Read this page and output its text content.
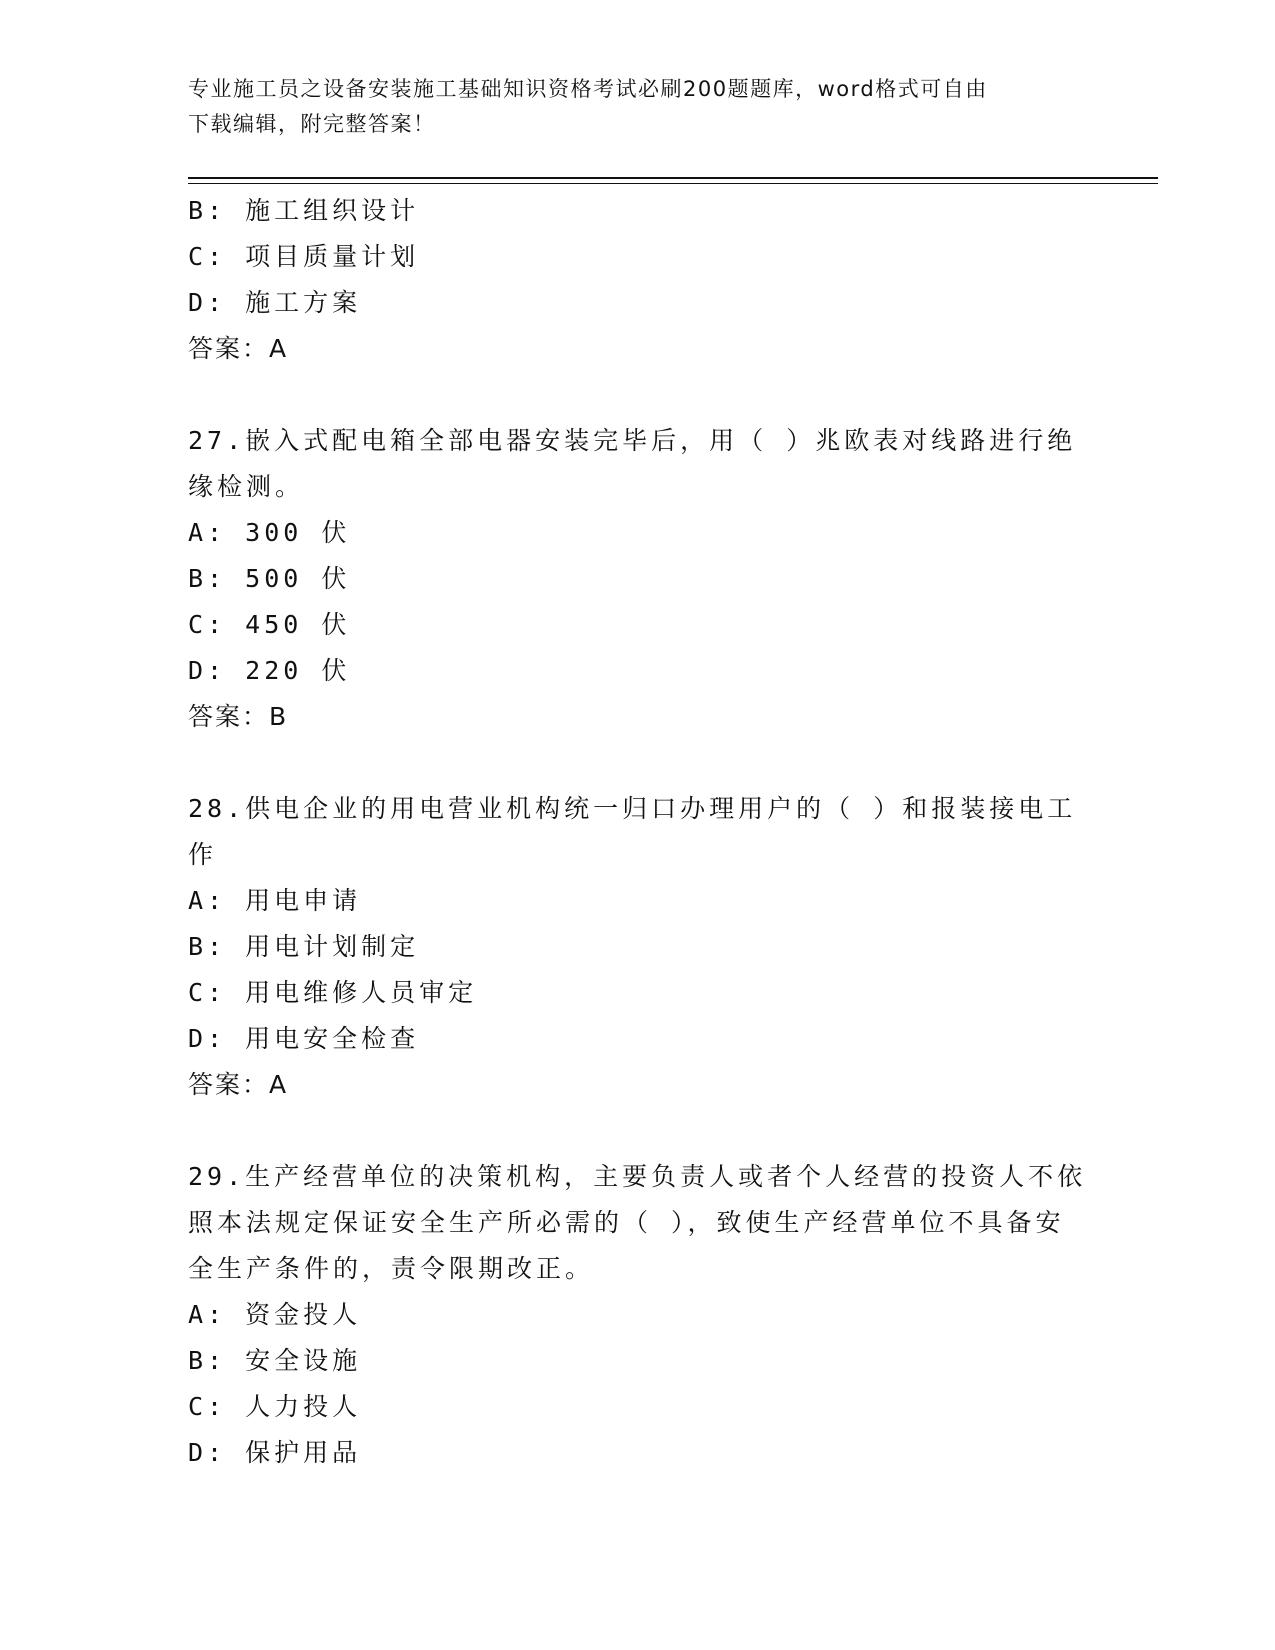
专业施工员之设备安装施工基础知识资格考试必刷200题题库，word格式可自由
下载编辑，附完整答案！
B: 施工组织设计
C: 项目质量计划
D: 施工方案
答案：A
27.嵌入式配电箱全部电器安装完毕后，用（ ）兆欧表对线路进行绝
缘检测。
A: 300 伏
B: 500 伏
C: 450 伏
D: 220 伏
答案：B
28.供电企业的用电营业机构统一归口办理用户的（ ）和报装接电工
作
A: 用电申请
B: 用电计划制定
C: 用电维修人员审定
D: 用电安全检查
答案：A
29.生产经营单位的决策机构，主要负责人或者个人经营的投资人不依
照本法规定保证安全生产所必需的（ ），致使生产经营单位不具备安
全生产条件的，责令限期改正。
A: 资金投人
B: 安全设施
C: 人力投人
D: 保护用品
